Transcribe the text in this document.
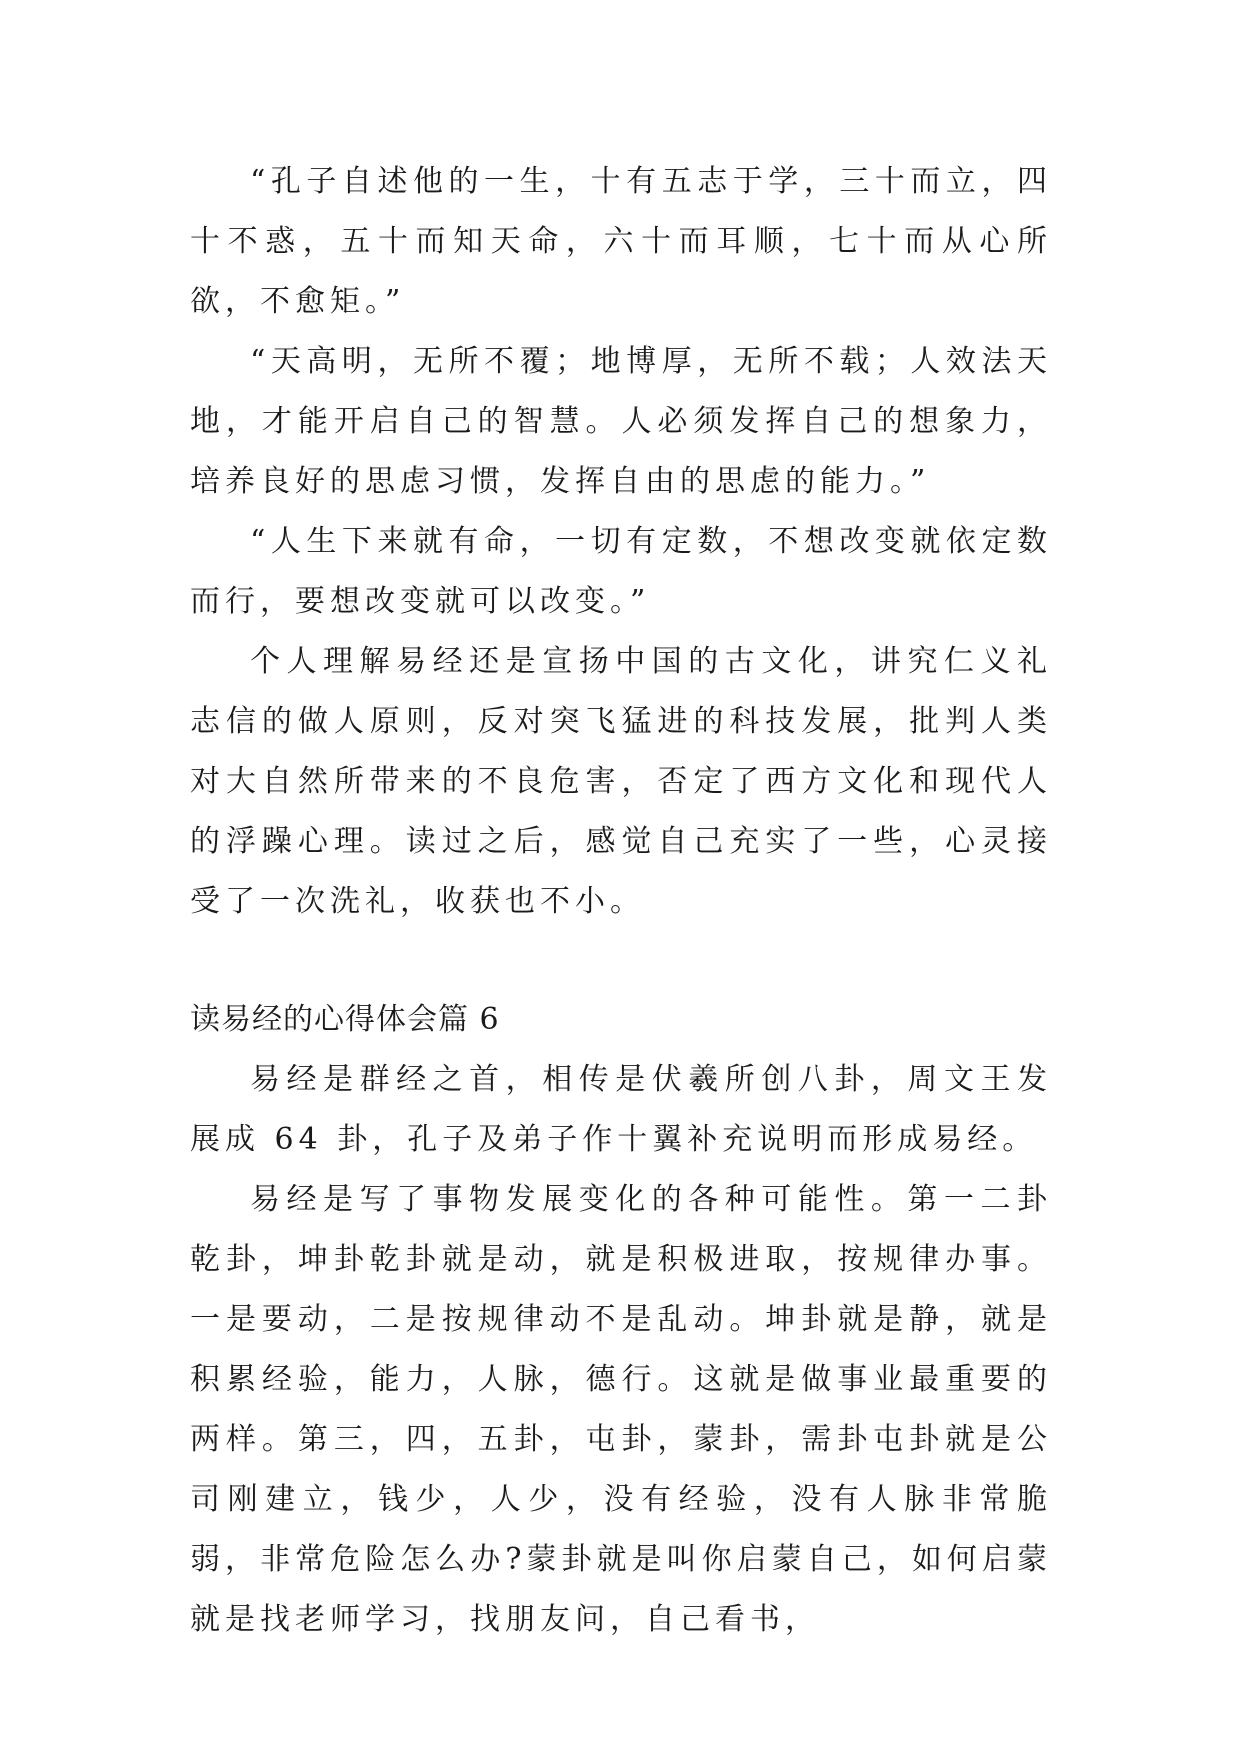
“孔子自述他的一生，十有五志于学，三十而立，四十不惑，五十而知天命，六十而耳顺，七十而从心所欲，不愈矩。”

“天高明，无所不覆；地博厚，无所不载；人效法天地，才能开启自己的智慧。人必须发挥自己的想象力，培养良好的思虑习惯，发挥自由的思虑的能力。”

“人生下来就有命，一切有定数，不想改变就依定数而行，要想改变就可以改变。”

个人理解易经还是宣扬中国的古文化，讲究仁义礼志信的做人原则，反对突飞猛进的科技发展，批判人类对大自然所带来的不良危害，否定了西方文化和现代人的浮躁心理。读过之后，感觉自己充实了一些，心灵接受了一次洗礼，收获也不小。

读易经的心得体会篇 6

易经是群经之首，相传是伏羲所创八卦，周文王发展成 64 卦，孔子及弟子作十翼补充说明而形成易经。

易经是写了事物发展变化的各种可能性。第一二卦乾卦，坤卦乾卦就是动，就是积极进取，按规律办事。一是要动，二是按规律动不是乱动。坤卦就是静，就是积累经验，能力，人脉，德行。这就是做事业最重要的两样。第三，四，五卦，屯卦，蒙卦，需卦屯卦就是公司刚建立，钱少，人少，没有经验，没有人脉非常脆弱，非常危险怎么办?蒙卦就是叫你启蒙自己，如何启蒙就是找老师学习，找朋友问，自己看书，
